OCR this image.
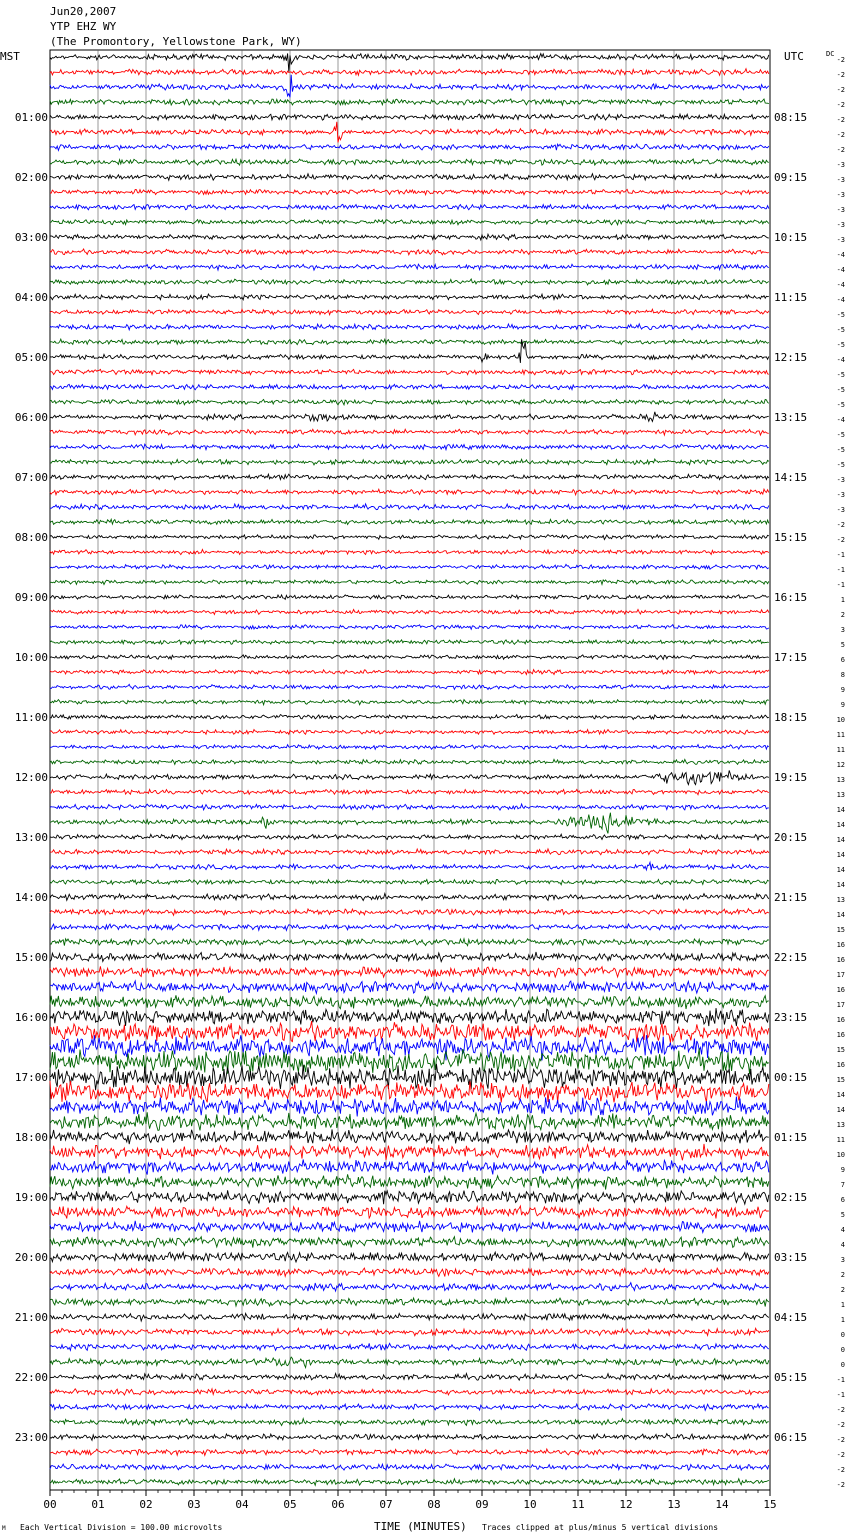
Jun20,2007
YTP EHZ WY
(The Promontory, Yellowstone Park, WY)
MST	UTC	DC
TIME (MINUTES)
Each Vertical Division = 100.00 microvolts	Traces clipped at plus/minus 5 vertical divisions
M
00	01	02	03	04	05	06	07	08	09	10	11	12	13	14	15
-2
-2
-2
-2
-2
-2
-2
-3
-3
-3
-3
-3
-3
-4
-4
-4
-4
-5
-5
-5
-4
-5
-5
-5
-4
-5
-5
-5
-3
-3
-3
-2
-2
-1
-1
-1
1
2
3
5
6
8
9
9
10
11
11
12
13
13
14
14
14
14
14
14
13
14
15
16
16
17
16
17
16
16
15
16
15
14
14
13
11
10
9
7
6
5
4
4
3
2
2
1
1
0
0
0
-1
-1
-2
-2
-2
-2
-2
-2
01:00
02:00
03:00
04:00
05:00
06:00
07:00
08:00
09:00
10:00
11:00
12:00
13:00
14:00
15:00
16:00
17:00
18:00
19:00
20:00
21:00
22:00
23:00
08:15
09:15
10:15
11:15
12:15
13:15
14:15
15:15
16:15
17:15
18:15
19:15
20:15
21:15
22:15
23:15
00:15
01:15
02:15
03:15
04:15
05:15
06:15
